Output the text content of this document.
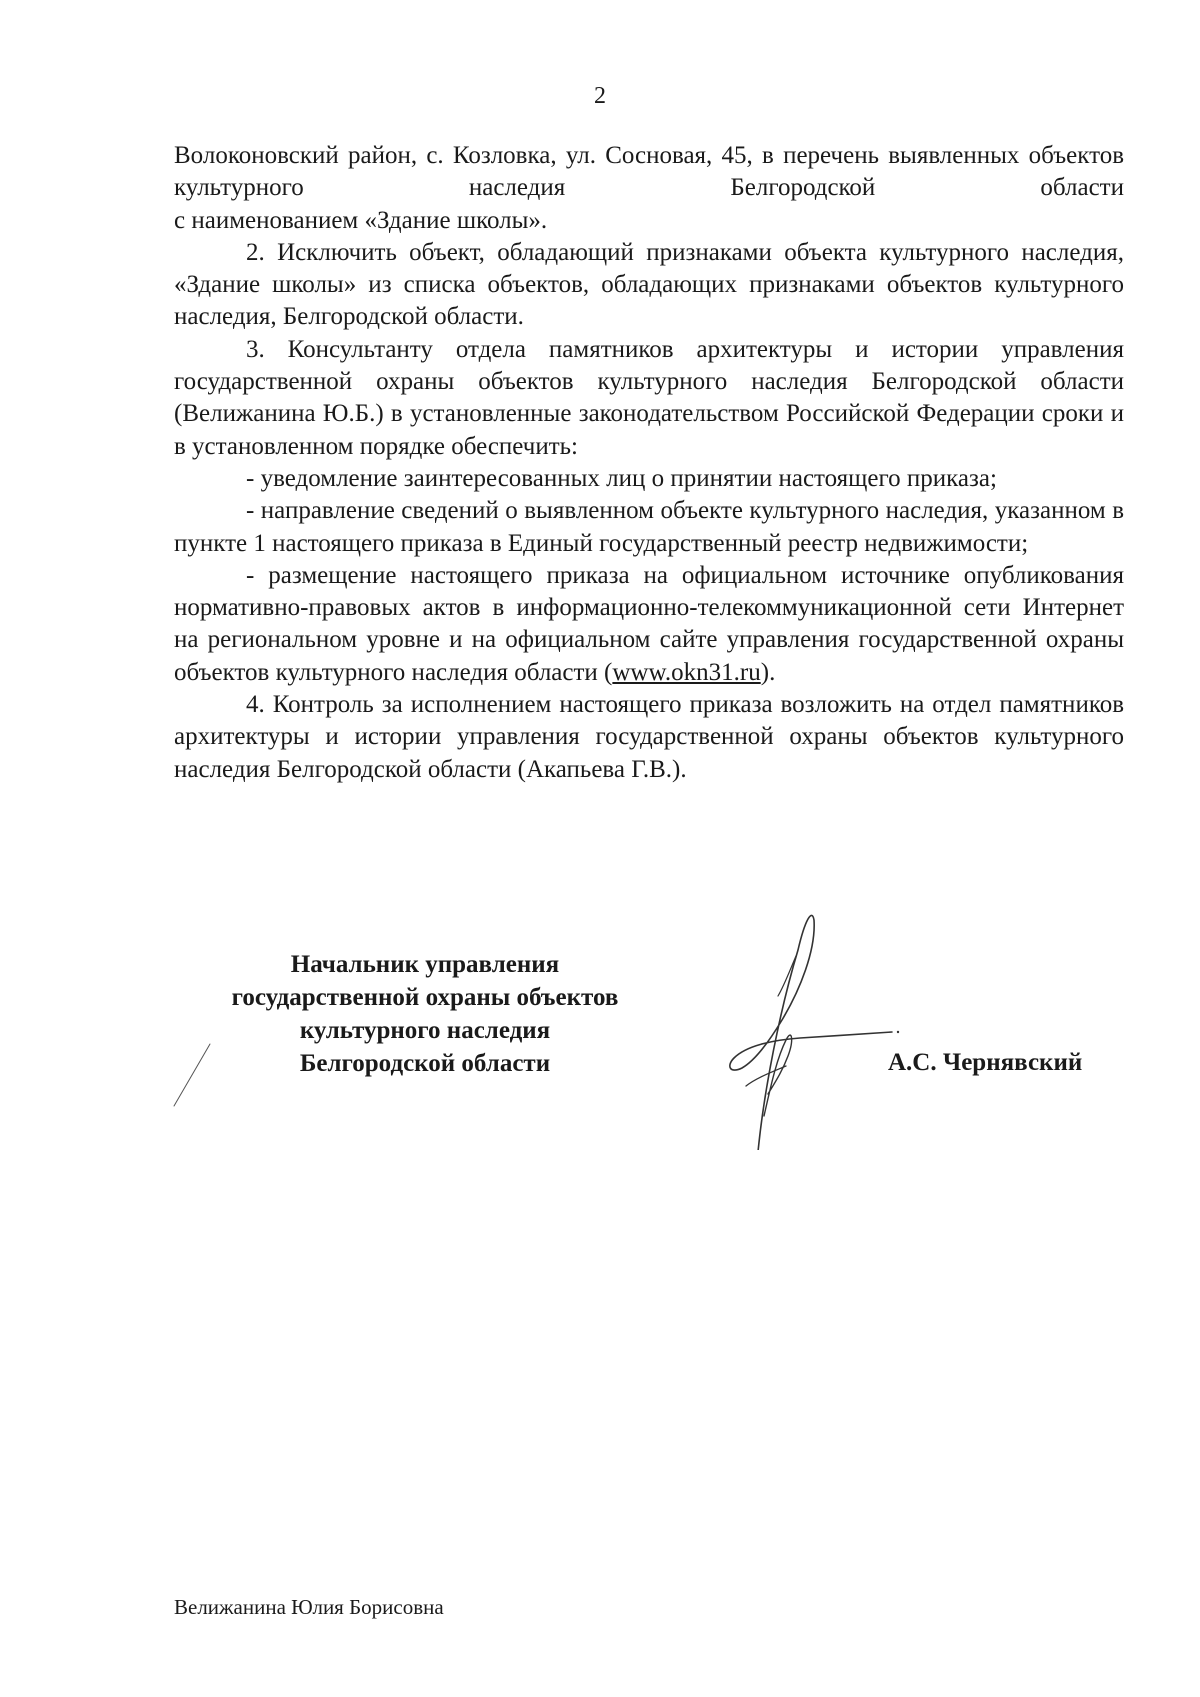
2

Волоконовский район, с. Козловка, ул. Сосновая, 45, в перечень выявленных объектов культурного наследия Белгородской области

с наименованием «Здание школы».

2. Исключить объект, обладающий признаками объекта культурного наследия, «Здание школы» из списка объектов, обладающих признаками объектов культурного наследия, Белгородской области.

3. Консультанту отдела памятников архитектуры и истории управления государственной охраны объектов культурного наследия Белгородской области (Велижанина Ю.Б.) в установленные законодательством Российской Федерации сроки и в установленном порядке обеспечить:

- уведомление заинтересованных лиц о принятии настоящего приказа;

- направление сведений о выявленном объекте культурного наследия, указанном в пункте 1 настоящего приказа в Единый государственный реестр недвижимости;

- размещение настоящего приказа на официальном источнике опубликования нормативно-правовых актов в информационно-телекоммуникационной сети Интернет на региональном уровне и на официальном сайте управления государственной охраны объектов культурного наследия области (www.okn31.ru).

4. Контроль за исполнением настоящего приказа возложить на отдел памятников архитектуры и истории управления государственной охраны объектов культурного наследия Белгородской области (Акапьева Г.В.).

Начальник управления
государственной охраны объектов
культурного наследия
Белгородской области	А.С. Чернявский
Велижанина Юлия Борисовна
